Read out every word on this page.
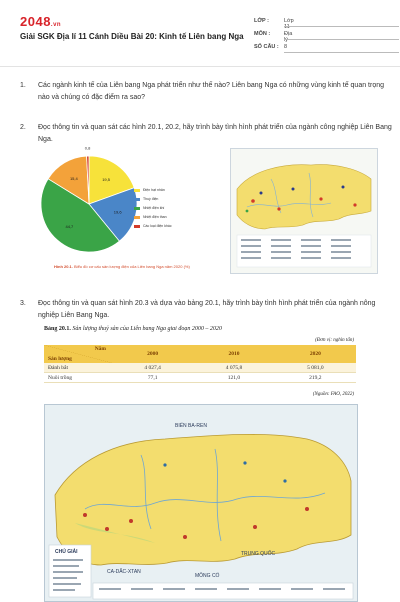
2048.vn
Giải SGK Địa lí 11 Cánh Diều Bài 20: Kinh tế Liên bang Nga
LỚP :	Lớp 11
MÔN :	Địa lý
SỐ CÂU : 8
1. Các ngành kinh tế của Liên bang Nga phát triển như thế nào? Liên bang Nga có những vùng kinh tế quan trọng nào và chúng có đặc điểm ra sao?
2. Đọc thông tin và quan sát các hình 20.1, 20.2, hãy trình bày tình hình phát triển của ngành công nghiệp Liên Bang Nga.
19,5
19,6
44,7
15,4
0,8
Điện hạt nhân
Thuỷ điện
Nhiệt điện khí
Nhiệt điện than
Các loại điện khác
Hình 20.1. Biểu đồ cơ cấu sản lượng điện của Liên bang Nga năm 2020 (%)
3. Đọc thông tin và quan sát hình 20.3 và dựa vào bảng 20.1, hãy trình bày tình hình phát triển của ngành nông nghiệp Liên Bang Nga.
Bảng 20.1. Sản lượng thuỷ sản của Liên bang Nga giai đoạn 2000 – 2020
(Đơn vị: nghìn tấn)
Năm
Sản lượng	2000	2010	2020
Đánh bắt	4 027,4	4 075,8	5 081,0
Nuôi trồng	77,1	121,0	219,2
(Nguồn: FAO, 2022)
BIỂN BA-REN
CA-DẮC-XTAN
MÔNG CỔ
TRUNG QUỐC
CHÚ GIẢI
